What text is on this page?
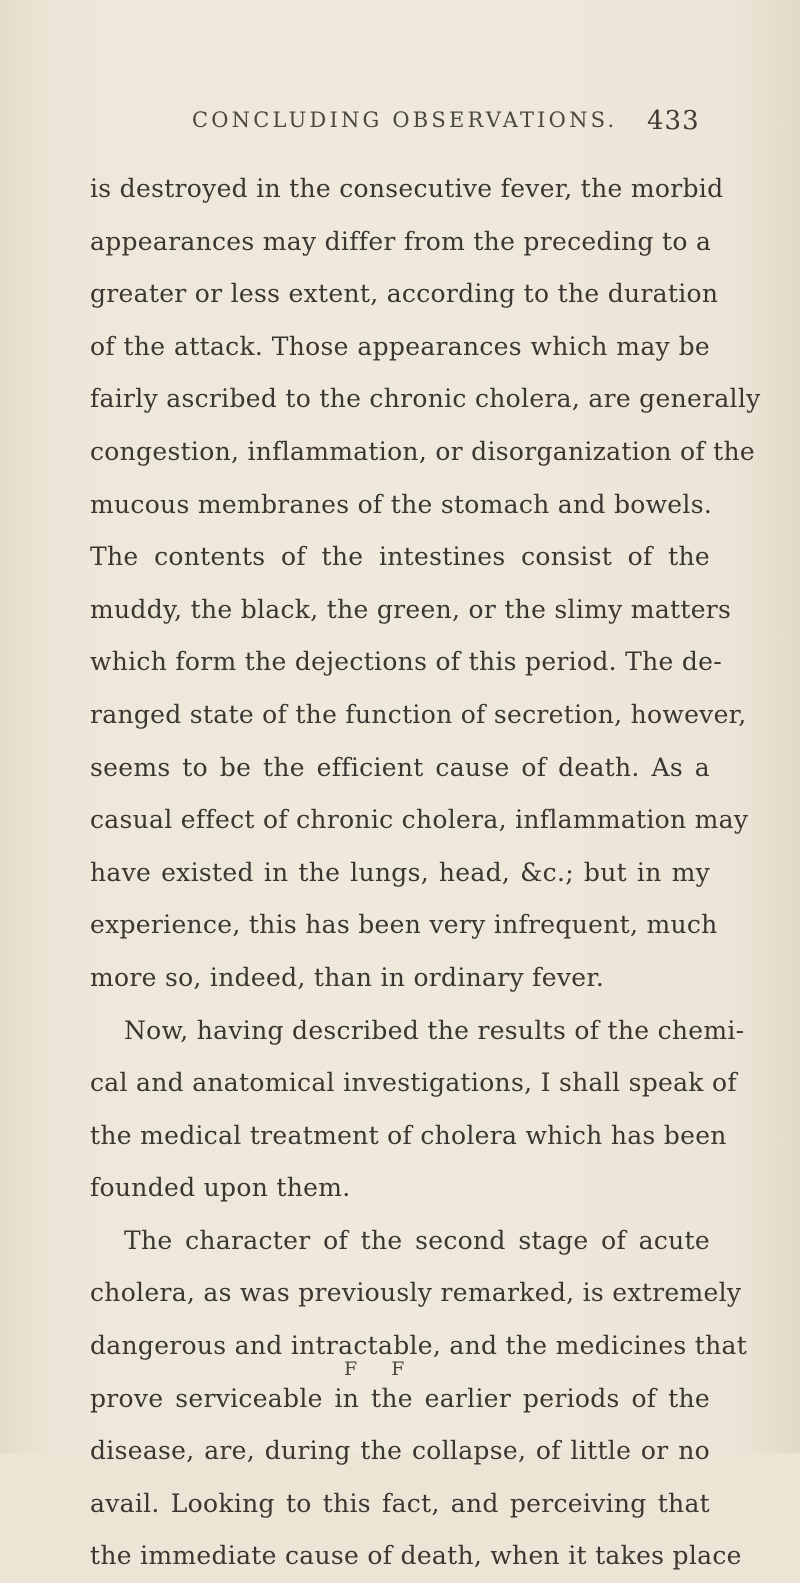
CONCLUDING OBSERVATIONS. 433
is destroyed in the consecutive fever, the morbid
appearances may differ from the preceding to a
greater or less extent, according to the duration
of the attack. Those appearances which may be
fairly ascribed to the chronic cholera, are generally
congestion, inflammation, or disorganization of the
mucous membranes of the stomach and bowels.
The contents of the intestines consist of the
muddy, the black, the green, or the slimy matters
which form the dejections of this period. The de-
ranged state of the function of secretion, however,
seems to be the efficient cause of death. As a
casual effect of chronic cholera, inflammation may
have existed in the lungs, head, &c.; but in my
experience, this has been very infrequent, much
more so, indeed, than in ordinary fever.
Now, having described the results of the chemi-
cal and anatomical investigations, I shall speak of
the medical treatment of cholera which has been
founded upon them.
The character of the second stage of acute
cholera, as was previously remarked, is extremely
dangerous and intractable, and the medicines that
prove serviceable in the earlier periods of the
disease, are, during the collapse, of little or no
avail. Looking to this fact, and perceiving that
the immediate cause of death, when it takes place
F F
